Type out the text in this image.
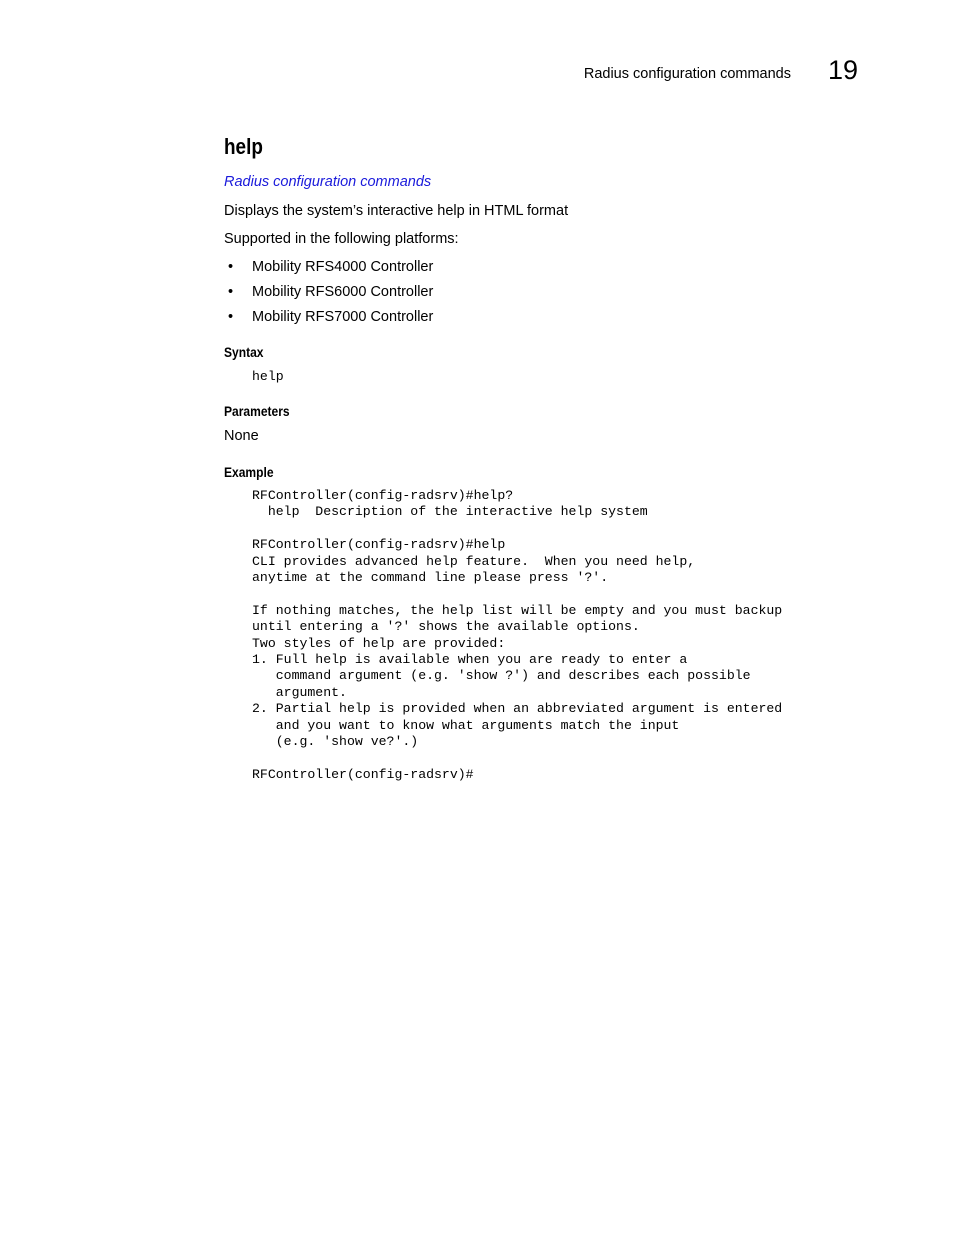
Radius configuration commands 19
help
Radius configuration commands
Displays the system’s interactive help in HTML format
Supported in the following platforms:
• Mobility RFS4000 Controller
• Mobility RFS6000 Controller
• Mobility RFS7000 Controller
Syntax
help
Parameters
None
Example
RFController(config-radsrv)#help?
help  Description of the interactive help system

RFController(config-radsrv)#help
CLI provides advanced help feature.  When you need help,
anytime at the command line please press '?'.

If nothing matches, the help list will be empty and you must backup
until entering a '?' shows the available options.
Two styles of help are provided:
1. Full help is available when you are ready to enter a
command argument (e.g. 'show ?') and describes each possible
argument.
2. Partial help is provided when an abbreviated argument is entered
and you want to know what arguments match the input
(e.g. 'show ve?'.)

RFController(config-radsrv)#
